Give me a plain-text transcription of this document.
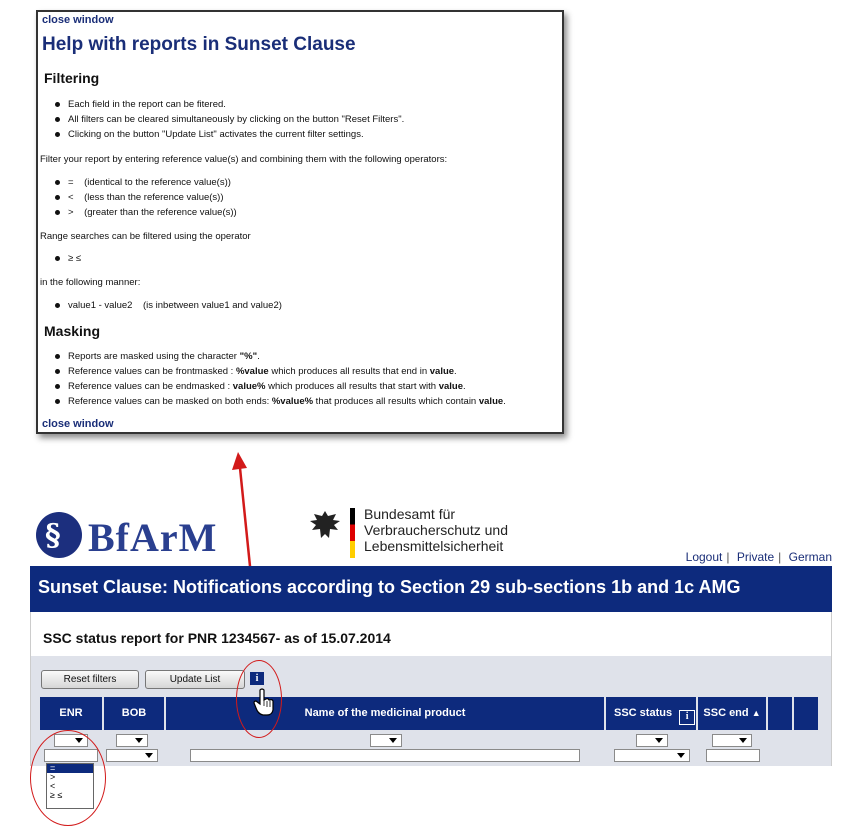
close window
Help with reports in Sunset Clause
Filtering
Each field in the report can be fitered.
All filters can be cleared simultaneously by clicking on the button "Reset Filters".
Clicking on the button "Update List" activates the current filter settings.
Filter your report by entering reference value(s) and combining them with the following operators:
=    (identical to the reference value(s))
<    (less than the reference value(s))
>    (greater than the reference value(s))
Range searches can be filtered using the operator
≥ ≤
in the following manner:
value1 - value2    (is inbetween value1 and value2)
Masking
Reports are masked using the character "%".
Reference values can be frontmasked : %value which produces all results that end in value.
Reference values can be endmasked : value% which produces all results that start with value.
Reference values can be masked on both ends: %value% that produces all results which contain value.
close window
§ BfArM
Bundesamt für
Verbraucherschutz und
Lebensmittelsicherheit
Logout | Private | German
Sunset Clause: Notifications according to Section 29 sub-sections 1b and 1c AMG
SSC status report for PNR 1234567- as of 15.07.2014
Reset filters	Update List	i
ENR	BOB	Name of the medicinal product	SSC status i	SSC end ▲
=
>
<
≥ ≤
